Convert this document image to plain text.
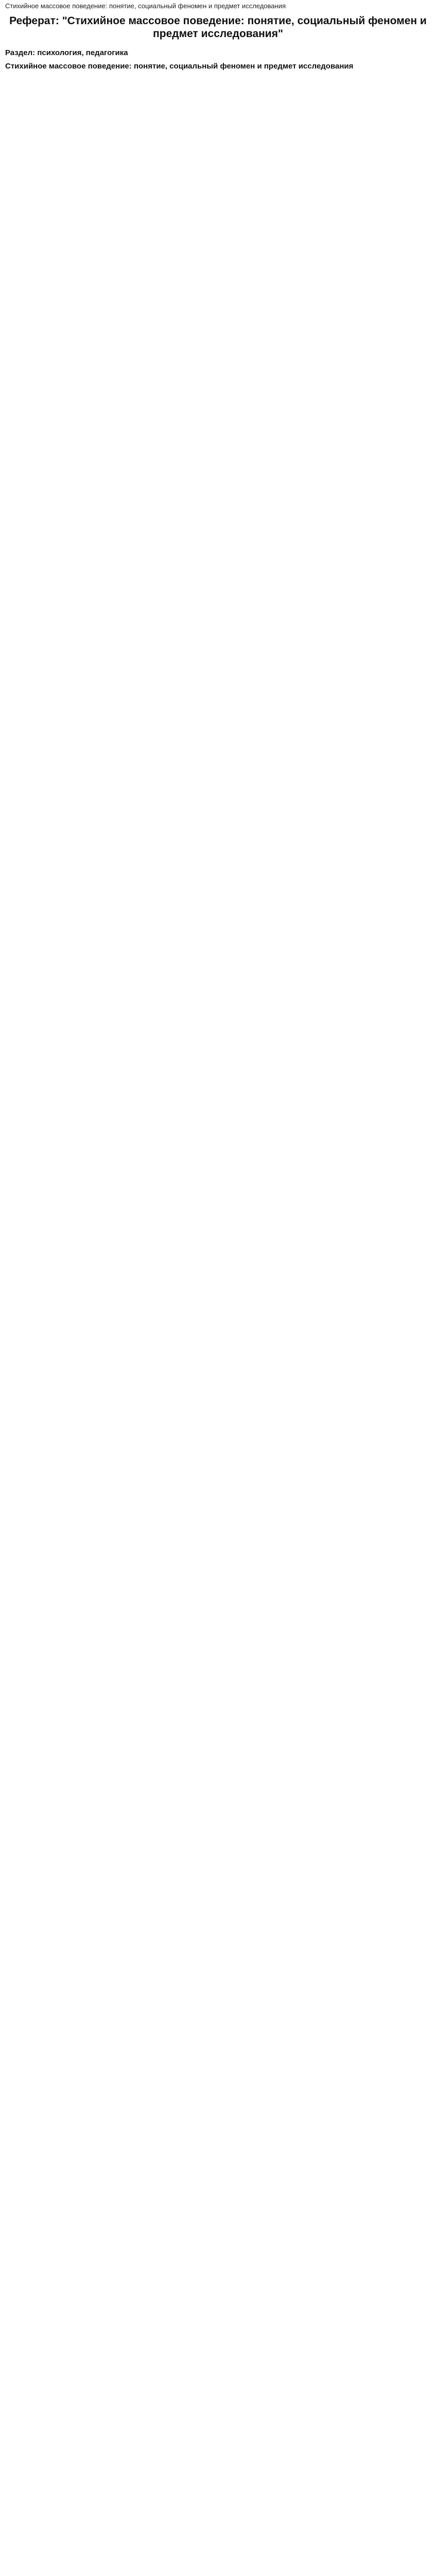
Стихийное массовое поведение: понятие, социальный феномен и предмет исследования
Реферат: "Стихийное массовое поведение: понятие, социальный феномен и предмет исследования"
Раздел: психология, педагогика
Стихийное массовое поведение: понятие, социальный феномен и предмет исследования
